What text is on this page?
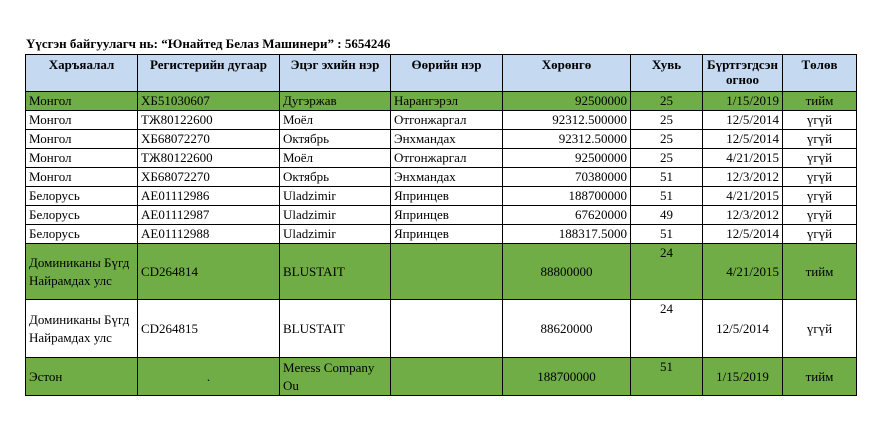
Үүсгэн байгуулагч нь: “Юнайтед Белаз Машинери” : 5654246
Харъяалал	Регистерийн дугаар	Эцэг эхийн нэр	Өөрийн нэр	Хөрөнгө	Хувь	Бүртгэгдсэн огноо	Төлөв
Монгол	ХБ51030607	Дугэржав	Нарангэрэл	92500000	25	1/15/2019	тийм
Монгол	ТЖ80122600	Моёл	Отгонжаргал	92312.500000	25	12/5/2014	үгүй
Монгол	ХБ68072270	Октябрь	Энхмандах	92312.50000	25	12/5/2014	үгүй
Монгол	ТЖ80122600	Моёл	Отгонжаргал	92500000	25	4/21/2015	үгүй
Монгол	ХБ68072270	Октябрь	Энхмандах	70380000	51	12/3/2012	үгүй
Белорусь	АЕ01112986	Uladzimir	Япринцев	188700000	51	4/21/2015	үгүй
Белорусь	АЕ01112987	Uladzimir	Япринцев	67620000	49	12/3/2012	үгүй
Белорусь	АЕ01112988	Uladzimir	Япринцев	188317.5000	51	12/5/2014	үгүй
Доминиканы Бүгд Найрамдах улс	CD264814	BLUSTAIT		88800000	24	4/21/2015	тийм
Доминиканы Бүгд Найрамдах улс	CD264815	BLUSTAIT		88620000	24	12/5/2014	үгүй
Эстон	.	Meress Company Ou		188700000	51	1/15/2019	тийм
